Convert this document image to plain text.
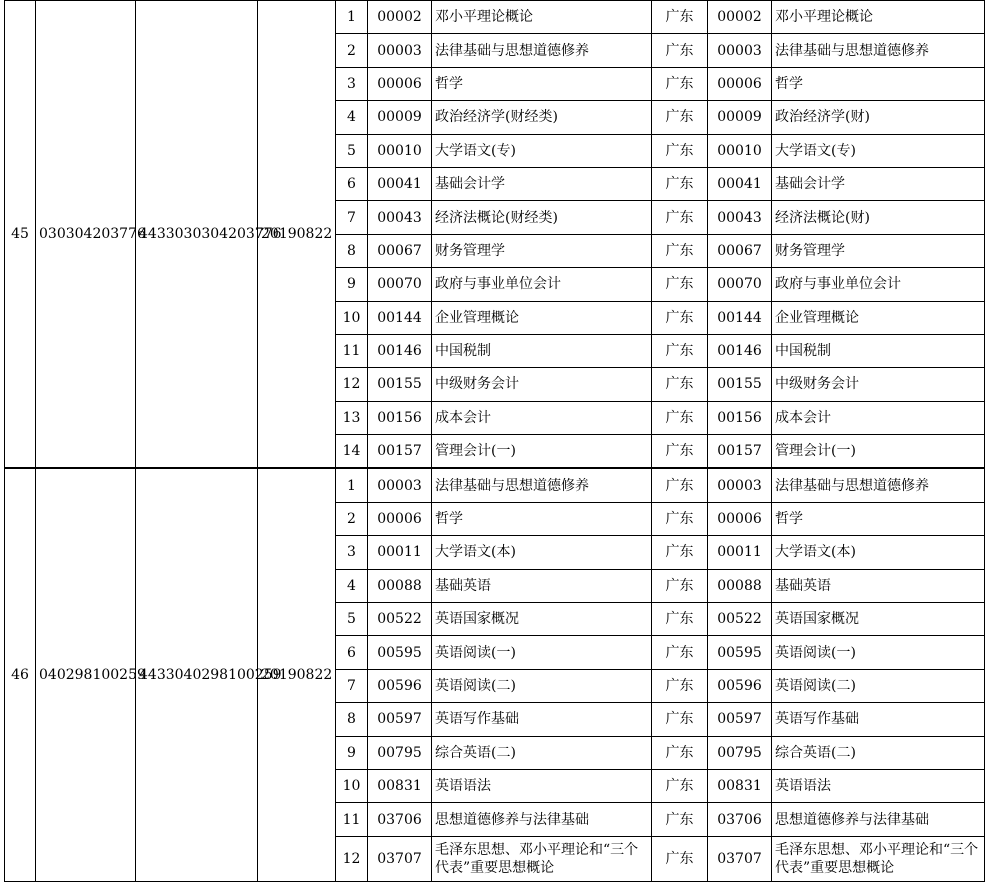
45	030304203776	4433030304203776	20190822	1	00002	邓小平理论概论	广东	00002	邓小平理论概论
				2	00003	法律基础与思想道德修养	广东	00003	法律基础与思想道德修养
				3	00006	哲学	广东	00006	哲学
				4	00009	政治经济学(财经类)	广东	00009	政治经济学(财)
				5	00010	大学语文(专)	广东	00010	大学语文(专)
				6	00041	基础会计学	广东	00041	基础会计学
				7	00043	经济法概论(财经类)	广东	00043	经济法概论(财)
				8	00067	财务管理学	广东	00067	财务管理学
				9	00070	政府与事业单位会计	广东	00070	政府与事业单位会计
				10	00144	企业管理概论	广东	00144	企业管理概论
				11	00146	中国税制	广东	00146	中国税制
				12	00155	中级财务会计	广东	00155	中级财务会计
				13	00156	成本会计	广东	00156	成本会计
				14	00157	管理会计(一)	广东	00157	管理会计(一)
46	040298100259	4433040298100259	20190822	1	00003	法律基础与思想道德修养	广东	00003	法律基础与思想道德修养
				2	00006	哲学	广东	00006	哲学
				3	00011	大学语文(本)	广东	00011	大学语文(本)
				4	00088	基础英语	广东	00088	基础英语
				5	00522	英语国家概况	广东	00522	英语国家概况
				6	00595	英语阅读(一)	广东	00595	英语阅读(一)
				7	00596	英语阅读(二)	广东	00596	英语阅读(二)
				8	00597	英语写作基础	广东	00597	英语写作基础
				9	00795	综合英语(二)	广东	00795	综合英语(二)
				10	00831	英语语法	广东	00831	英语语法
				11	03706	思想道德修养与法律基础	广东	03706	思想道德修养与法律基础
				12	03707	毛泽东思想、邓小平理论和“三个代表”重要思想概论	广东	03707	毛泽东思想、邓小平理论和“三个代表”重要思想概论
